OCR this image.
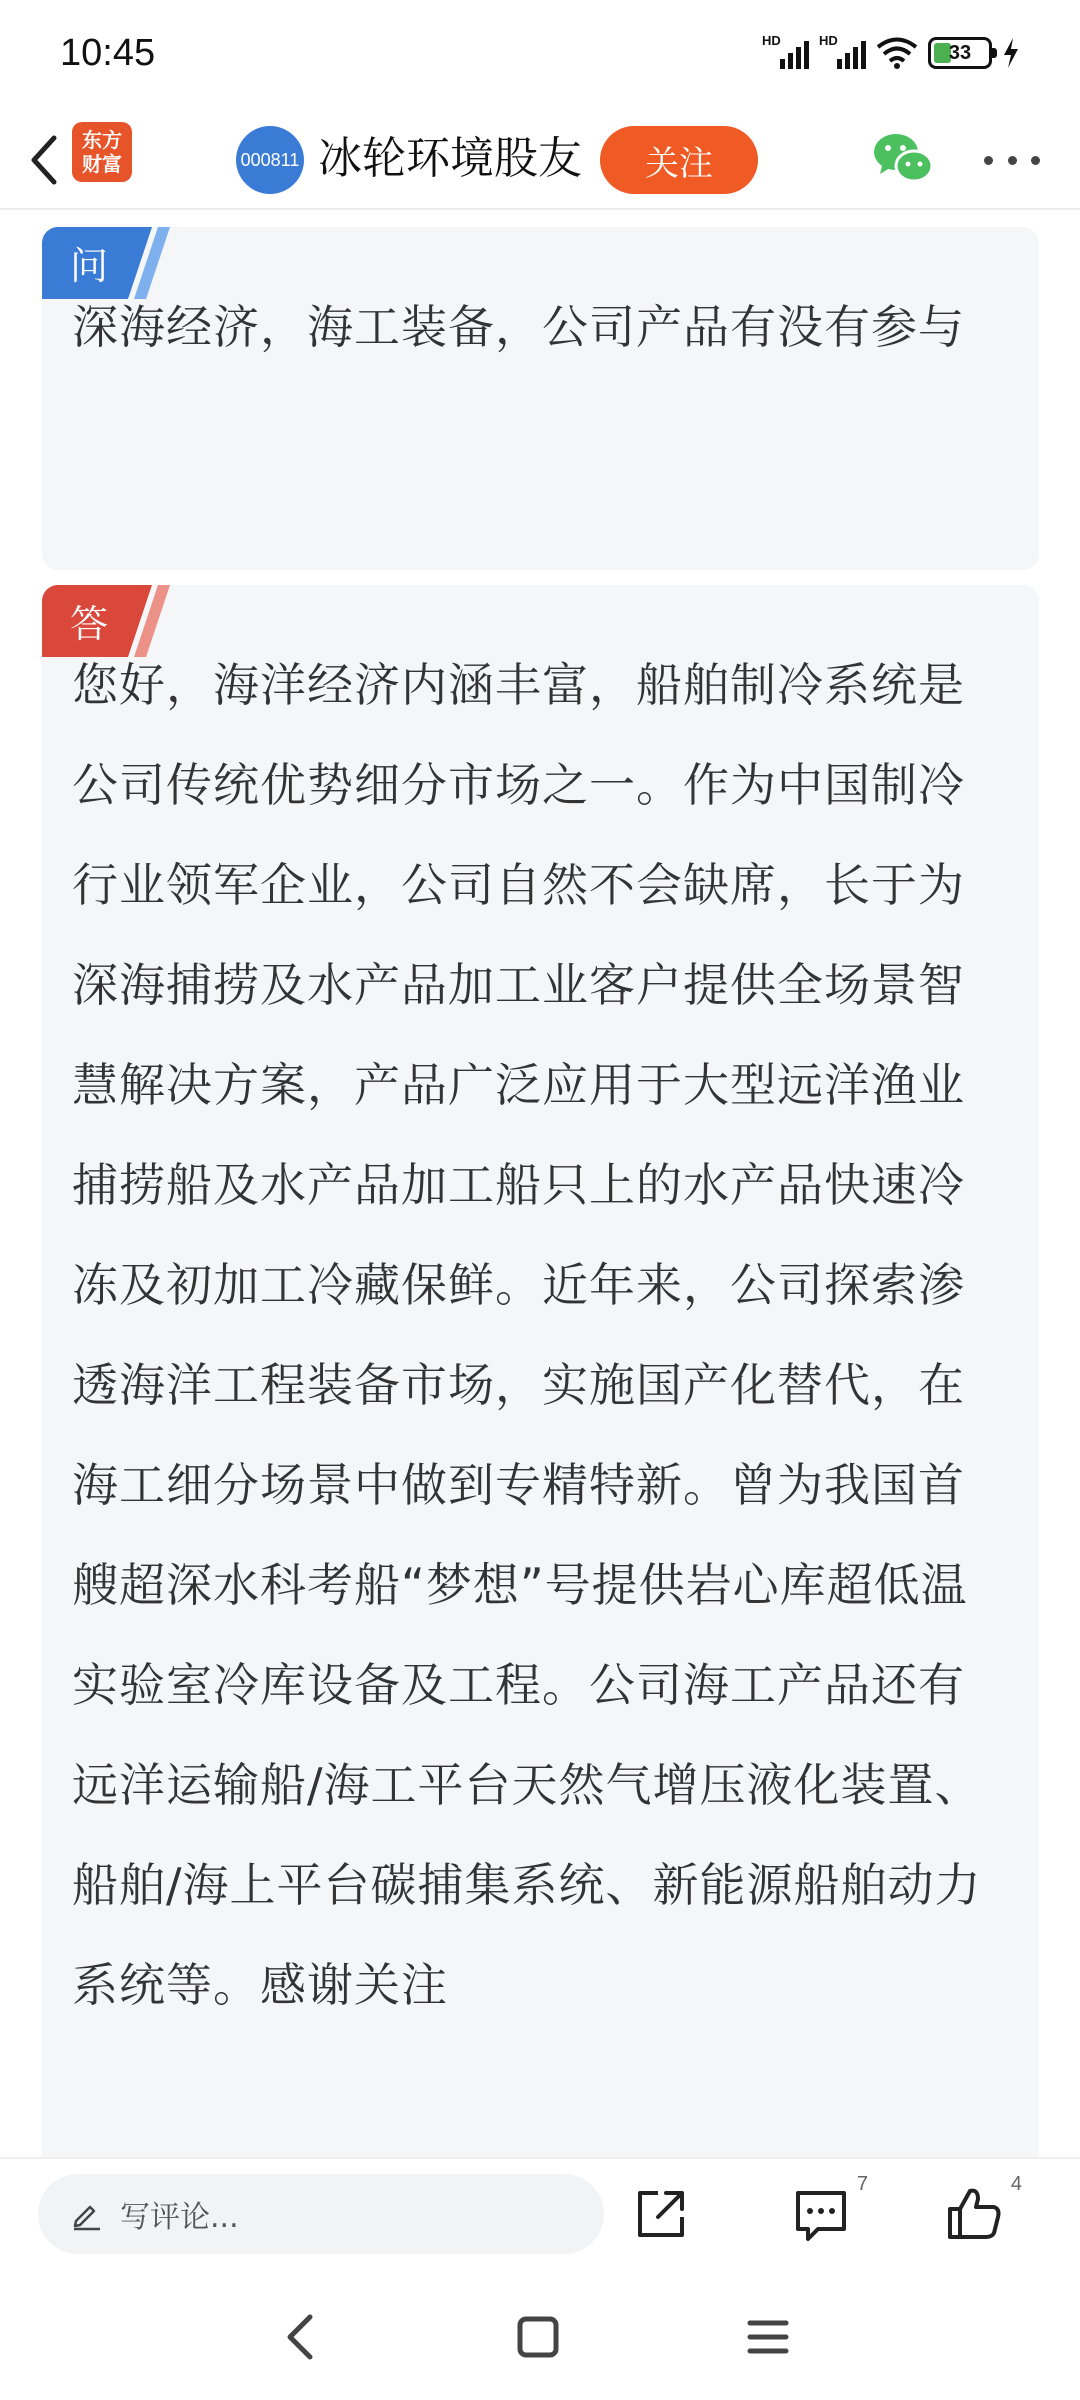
10:45	HD	HD
33
东方
财富	000811 冰轮环境股友	关注
问
深海经济，海工装备，公司产品有没有参与
答
您好，海洋经济内涵丰富，船舶制冷系统是公司传统优势细分市场之一。作为中国制冷行业领军企业，公司自然不会缺席，长于为深海捕捞及水产品加工业客户提供全场景智慧解决方案，产品广泛应用于大型远洋渔业捕捞船及水产品加工船只上的水产品快速冷冻及初加工冷藏保鲜。近年来，公司探索渗透海洋工程装备市场，实施国产化替代，在海工细分场景中做到专精特新。曾为我国首艘超深水科考船“梦想”号提供岩心库超低温实验室冷库设备及工程。公司海工产品还有远洋运输船/海工平台天然气增压液化装置、船舶/海上平台碳捕集系统、新能源船舶动力系统等。感谢关注
写评论...
7	4
